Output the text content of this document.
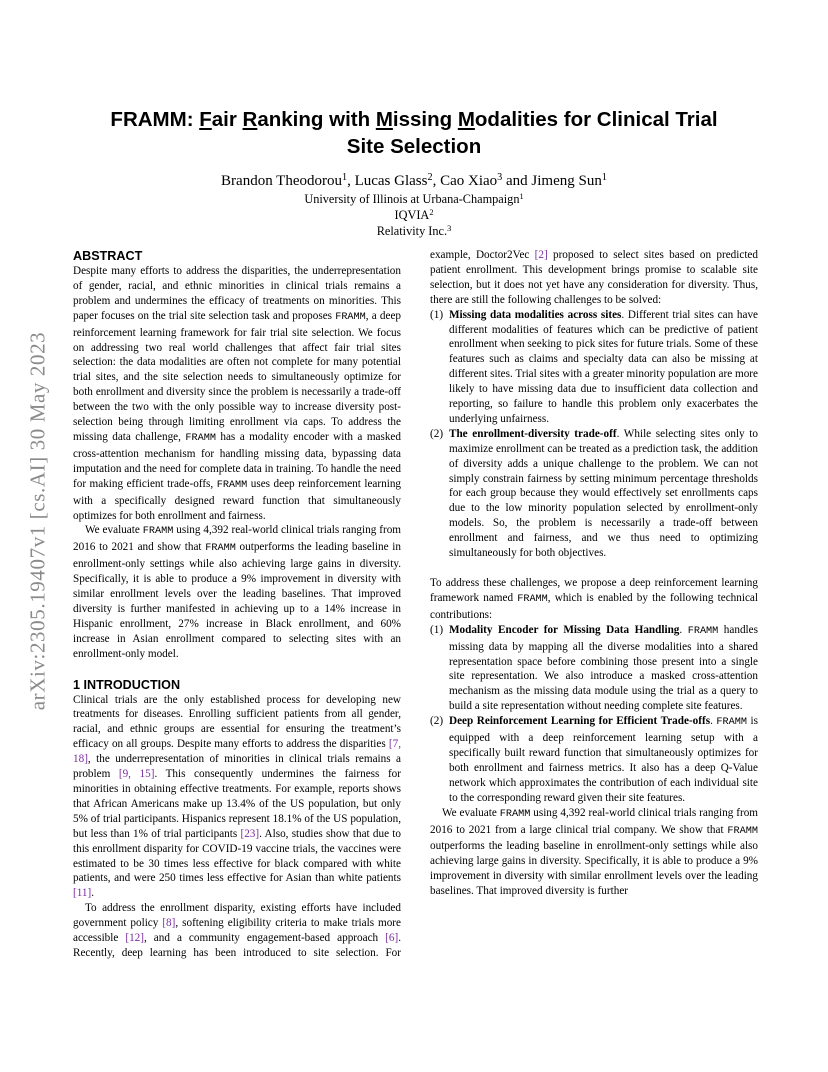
arXiv:2305.19407v1 [cs.AI] 30 May 2023
FRAMM: Fair Ranking with Missing Modalities for Clinical Trial
Site Selection
Brandon Theodorou$^1$, Lucas Glass$^2$, Cao Xiao$^3$ and Jimeng Sun$^1$
University of Illinois at Urbana-Champaign$^1$
IQVIA$^2$
Relativity Inc.$^3$
ABSTRACT

Despite many efforts to address the disparities, the underrepresentation of gender, racial, and ethnic minorities in clinical trials remains a problem and undermines the efficacy of treatments on minorities. This paper focuses on the trial site selection task and proposes FRAMM, a deep reinforcement learning framework for fair trial site selection. We focus on addressing two real world challenges that affect fair trial sites selection: the data modalities are often not complete for many potential trial sites, and the site selection needs to simultaneously optimize for both enrollment and diversity since the problem is necessarily a trade-off between the two with the only possible way to increase diversity post-selection being through limiting enrollment via caps. To address the missing data challenge, FRAMM has a modality encoder with a masked cross-attention mechanism for handling missing data, bypassing data imputation and the need for complete data in training. To handle the need for making efficient trade-offs, FRAMM uses deep reinforcement learning with a specifically designed reward function that simultaneously optimizes for both enrollment and fairness.

We evaluate FRAMM using 4,392 real-world clinical trials ranging from 2016 to 2021 and show that FRAMM outperforms the leading baseline in enrollment-only settings while also achieving large gains in diversity. Specifically, it is able to produce a 9% improvement in diversity with similar enrollment levels over the leading baselines. That improved diversity is further manifested in achieving up to a 14% increase in Hispanic enrollment, 27% increase in Black enrollment, and 60% increase in Asian enrollment compared to selecting sites with an enrollment-only model.

1 INTRODUCTION

Clinical trials are the only established process for developing new treatments for diseases. Enrolling sufficient patients from all gender, racial, and ethnic groups are essential for ensuring the treatment’s efficacy on all groups. Despite many efforts to address the disparities [7, 18], the underrepresentation of minorities in clinical trials remains a problem [9, 15]. This consequently undermines the fairness for minorities in obtaining effective treatments. For example, reports shows that African Americans make up 13.4% of the US population, but only 5% of trial participants. Hispanics represent 18.1% of the US population, but less than 1% of trial participants [23]. Also, studies show that due to this enrollment disparity for COVID-19 vaccine trials, the vaccines were estimated to be 30 times less effective for black compared with white patients, and were 250 times less effective for Asian than white patients [11].

To address the enrollment disparity, existing efforts have included government policy [8], softening eligibility criteria to make trials more accessible [12], and a community engagement-based approach [6]. Recently, deep learning has been introduced to site selection. For

example, Doctor2Vec [2] proposed to select sites based on predicted patient enrollment. This development brings promise to scalable site selection, but it does not yet have any consideration for diversity. Thus, there are still the following challenges to be solved:

(1) Missing data modalities across sites. Different trial sites can have different modalities of features which can be predictive of patient enrollment when seeking to pick sites for future trials. Some of these features such as claims and specialty data can also be missing at different sites. Trial sites with a greater minority population are more likely to have missing data due to insufficient data collection and reporting, so failure to handle this problem only exacerbates the underlying unfairness.
(2) The enrollment-diversity trade-off. While selecting sites only to maximize enrollment can be treated as a prediction task, the addition of diversity adds a unique challenge to the problem. We can not simply constrain fairness by setting minimum percentage thresholds for each group because they would effectively set enrollments caps due to the low minority population selected by enrollment-only models. So, the problem is necessarily a trade-off between enrollment and fairness, and we thus need to optimizing simultaneously for both objectives.

To address these challenges, we propose a deep reinforcement learning framework named FRAMM, which is enabled by the following technical contributions:

(1) Modality Encoder for Missing Data Handling. FRAMM handles missing data by mapping all the diverse modalities into a shared representation space before combining those present into a single site representation. We also introduce a masked cross-attention mechanism as the missing data module using the trial as a query to build a site representation without needing complete site features.
(2) Deep Reinforcement Learning for Efficient Trade-offs. FRAMM is equipped with a deep reinforcement learning setup with a specifically built reward function that simultaneously optimizes for both enrollment and fairness metrics. It also has a deep Q-Value network which approximates the contribution of each individual site to the corresponding reward given their site features.

We evaluate FRAMM using 4,392 real-world clinical trials ranging from 2016 to 2021 from a large clinical trial company. We show that FRAMM outperforms the leading baseline in enrollment-only settings while also achieving large gains in diversity. Specifically, it is able to produce a 9% improvement in diversity with similar enrollment levels over the leading baselines. That improved diversity is further
